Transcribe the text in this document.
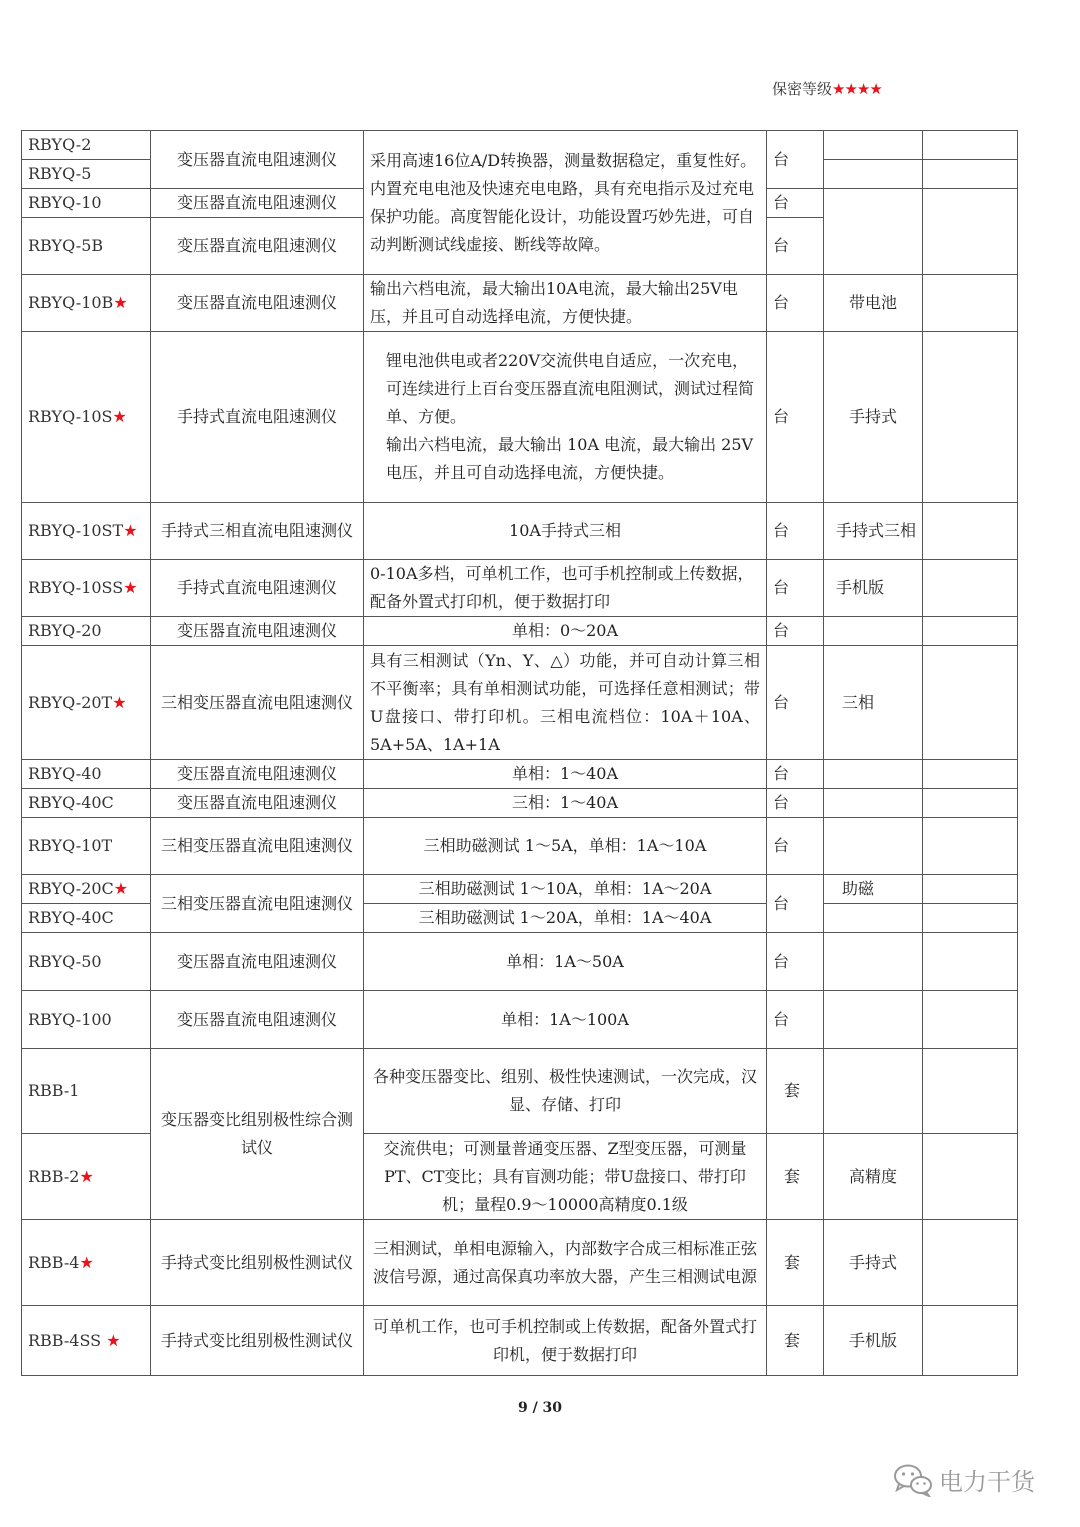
保密等级★★★★
RBYQ-2	变压器直流电阻速测仪	采用高速16位A/D转换器，测量数据稳定，重复性好。内置充电电池及快速充电电路，具有充电指示及过充电保护功能。高度智能化设计，功能设置巧妙先进，可自动判断测试线虚接、断线等故障。	台		
RBYQ-5					
RBYQ-10	变压器直流电阻速测仪		台		
RBYQ-5B	变压器直流电阻速测仪		台		

RBYQ-10B★	变压器直流电阻速测仪	输出六档电流，最大输出10A电流，最大输出25V电压，并且可自动选择电流，方便快捷。	台	带电池	
RBYQ-10S★	手持式直流电阻速测仪	锂电池供电或者220V交流供电自适应，一次充电，可连续进行上百台变压器直流电阻测试，测试过程简单、方便。
输出六档电流，最大输出 10A 电流，最大输出 25V 电压，并且可自动选择电流，方便快捷。	台	手持式	
RBYQ-10ST★	手持式三相直流电阻速测仪	10A手持式三相	台	手持式三相	
RBYQ-10SS★	手持式直流电阻速测仪	0-10A多档，可单机工作，也可手机控制或上传数据，配备外置式打印机，便于数据打印	台	手机版	
RBYQ-20	变压器直流电阻速测仪	单相：0～20A	台		
RBYQ-20T★	三相变压器直流电阻速测仪	具有三相测试（Yn、Y、△）功能，并可自动计算三相不平衡率；具有单相测试功能，可选择任意相测试；带U盘接口、带打印机。三相电流档位：10A＋10A、5A+5A、1A+1A	台	三相	
RBYQ-40	变压器直流电阻速测仪	单相：1～40A	台		
RBYQ-40C	变压器直流电阻速测仪	三相：1～40A	台		
RBYQ-10T	三相变压器直流电阻速测仪	三相助磁测试 1～5A，单相：1A～10A	台		
RBYQ-20C★	三相变压器直流电阻速测仪	三相助磁测试 1～10A，单相：1A～20A	台	助磁	
RBYQ-40C		三相助磁测试 1～20A，单相：1A～40A			
RBYQ-50	变压器直流电阻速测仪	单相：1A～50A	台		
RBYQ-100	变压器直流电阻速测仪	单相：1A～100A	台		
RBB-1	变压器变比组别极性综合测试仪	各种变压器变比、组别、极性快速测试，一次完成，汉显、存储、打印	套		
RBB-2★		交流供电；可测量普通变压器、Z型变压器，可测量PT、CT变比；具有盲测功能；带U盘接口、带打印机；量程0.9～10000高精度0.1级	套	高精度	
RBB-4★	手持式变比组别极性测试仪	三相测试，单相电源输入，内部数字合成三相标准正弦波信号源，通过高保真功率放大器，产生三相测试电源	套	手持式	
RBB-4SS ★	手持式变比组别极性测试仪	可单机工作，也可手机控制或上传数据，配备外置式打印机，便于数据打印	套	手机版	
9 / 30
电力干货
